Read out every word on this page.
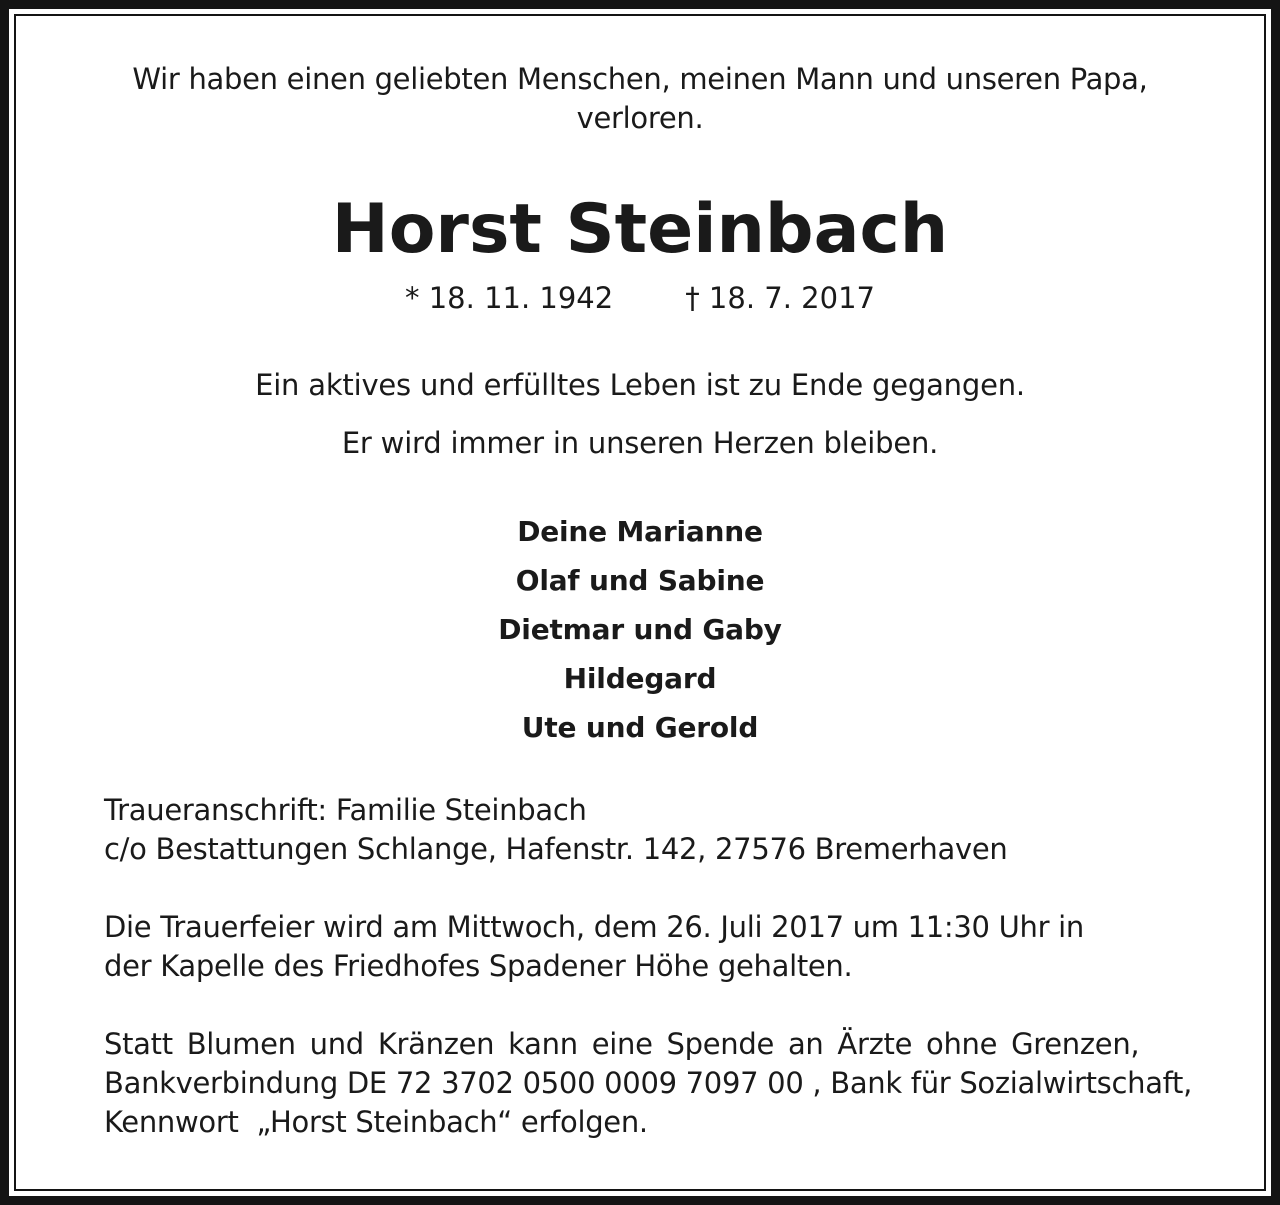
Wir haben einen geliebten Menschen, meinen Mann und unseren Papa,
verloren.
Horst Steinbach
* 18. 11. 1942 † 18. 7. 2017
Ein aktives und erfülltes Leben ist zu Ende gegangen.
Er wird immer in unseren Herzen bleiben.
Deine Marianne
Olaf und Sabine
Dietmar und Gaby
Hildegard
Ute und Gerold
Traueranschrift: Familie Steinbach
c/o Bestattungen Schlange, Hafenstr. 142, 27576 Bremerhaven
Die Trauerfeier wird am Mittwoch, dem 26. Juli 2017 um 11:30 Uhr in
der Kapelle des Friedhofes Spadener Höhe gehalten.
Statt Blumen und Kränzen kann eine Spende an Ärzte ohne Grenzen,
Bankverbindung DE 72 3702 0500 0009 7097 00 , Bank für Sozialwirtschaft,
Kennwort  „Horst Steinbach“ erfolgen.
